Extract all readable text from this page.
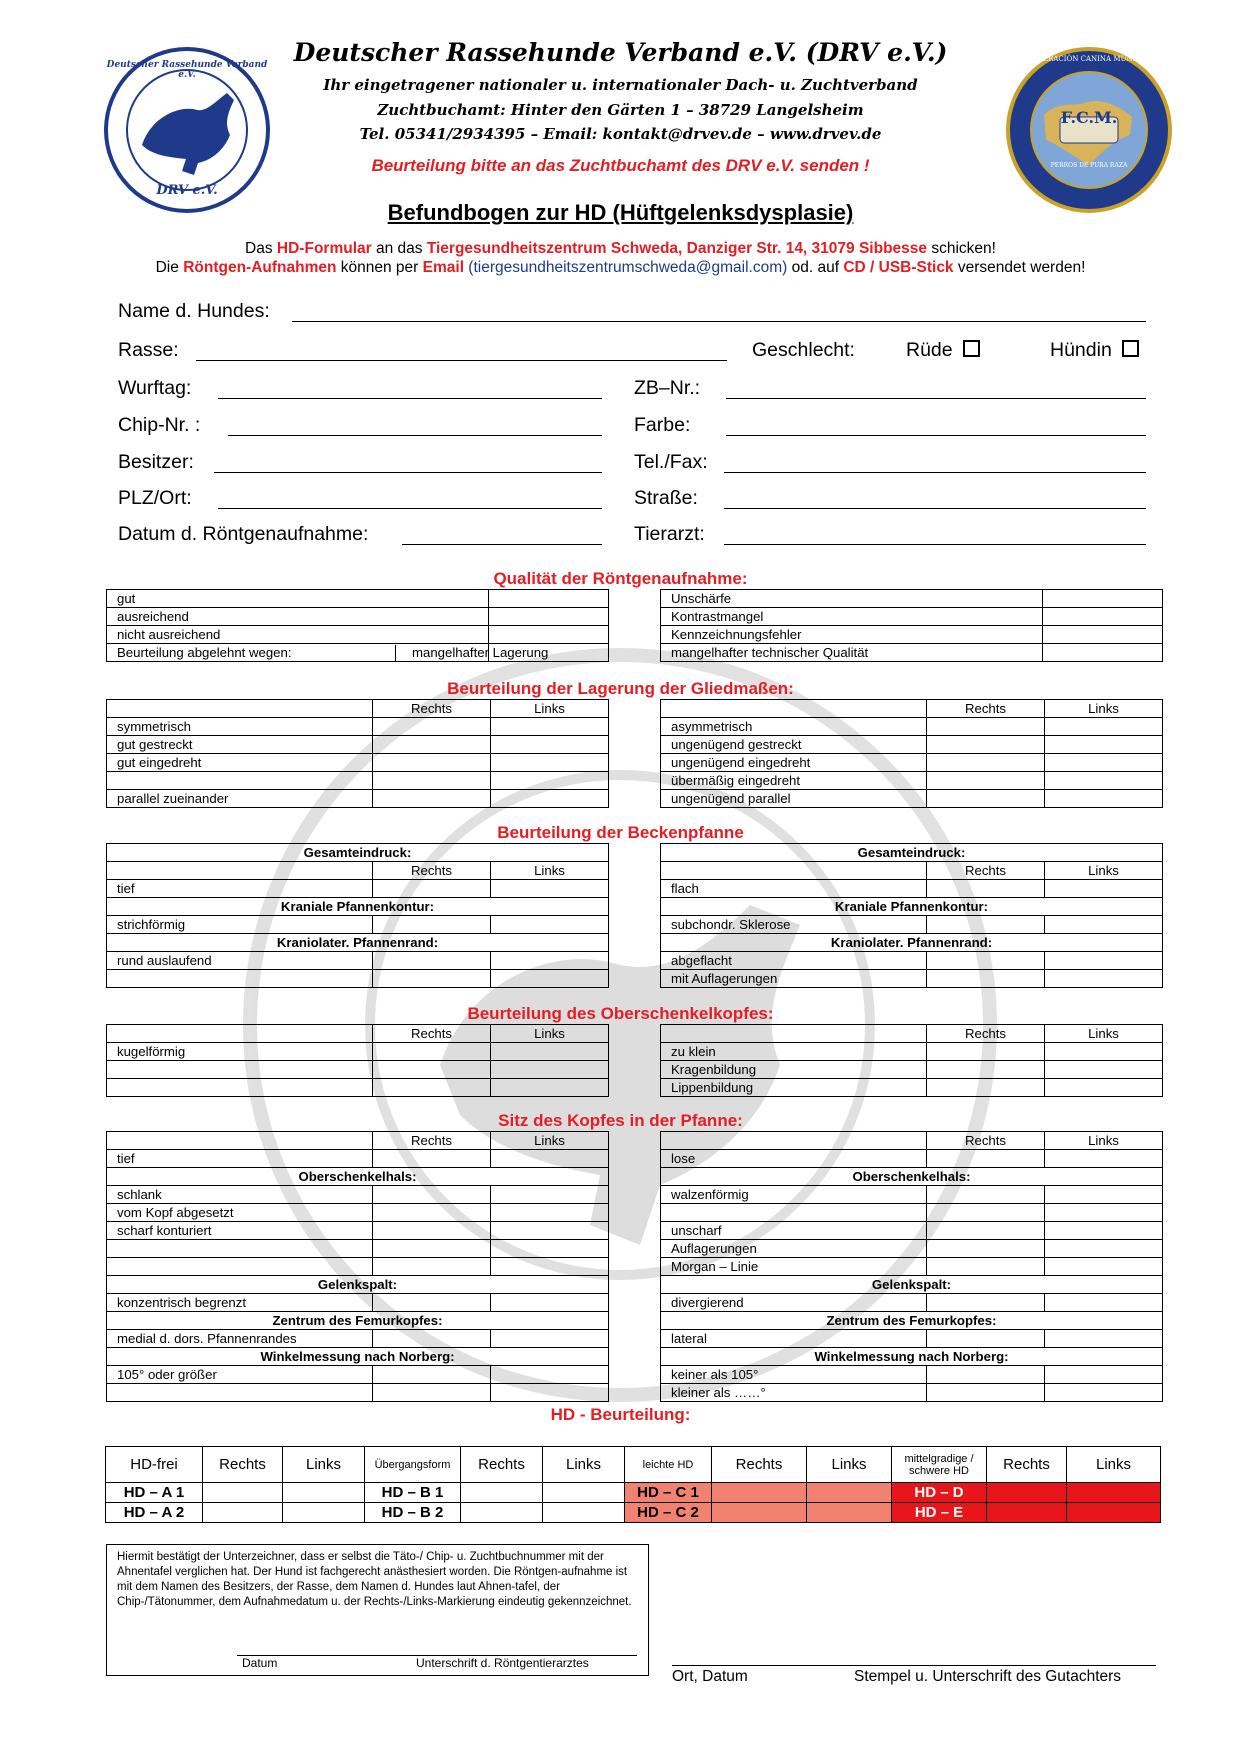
Deutscher Rassehunde Verband e.V.
DRV e.V.
F.C.M.
FEDERACIÓN CANINA MUNDIAL
PERROS DE PURA RAZA
Deutscher Rassehunde Verband e.V. (DRV e.V.)
Ihr eingetragener nationaler u. internationaler Dach- u. Zuchtverband
Zuchtbuchamt: Hinter den Gärten 1 – 38729 Langelsheim
Tel. 05341/2934395 – Email: kontakt@drvev.de – www.drvev.de
Beurteilung bitte an das Zuchtbuchamt des DRV e.V. senden !
Befundbogen zur HD (Hüftgelenksdysplasie)
Das HD-Formular an das Tiergesundheitszentrum Schweda, Danziger Str. 14, 31079 Sibbesse schicken!
Die Röntgen-Aufnahmen können per Email (tiergesundheitszentrumschweda@gmail.com) od. auf CD / USB-Stick versendet werden!
Name d. Hundes:
Rasse:	Geschlecht:	Rüde	Hündin
Wurftag:	ZB–Nr.:
Chip-Nr. :	Farbe:
Besitzer:	Tel./Fax:
PLZ/Ort:	Straße:
Datum d. Röntgenaufnahme:	Tierarzt:
Qualität der Röntgenaufnahme:
gut	
ausreichend	
nicht ausreichend	
Beurteilung abgelehnt wegen: mangelhafter Lagerung	
Unschärfe	
Kontrastmangel	
Kennzeichnungsfehler	
mangelhafter technischer Qualität	
Beurteilung der Lagerung der Gliedmaßen:
	Rechts	Links
symmetrisch		
gut gestreckt		
gut eingedreht		

parallel zueinander		
	Rechts	Links
asymmetrisch		
ungenügend gestreckt		
ungenügend eingedreht		
übermäßig eingedreht		
ungenügend parallel		
Beurteilung der Beckenpfanne
Gesamteindruck:		
	Rechts	Links
tief		
Kraniale Pfannenkontur:		
strichförmig		
Kraniolater. Pfannenrand:		
rund auslaufend		

Gesamteindruck:		
	Rechts	Links
flach		
Kraniale Pfannenkontur:		
subchondr. Sklerose		
Kraniolater. Pfannenrand:		
abgeflacht		
mit Auflagerungen		
Beurteilung des Oberschenkelkopfes:
	Rechts	Links
kugelförmig		

	Rechts	Links
zu klein		
Kragenbildung		
Lippenbildung		
Sitz des Kopfes in der Pfanne:
	Rechts	Links
tief		
Oberschenkelhals:		
schlank		
vom Kopf abgesetzt		
scharf konturiert		

Gelenkspalt:		
konzentrisch begrenzt		
Zentrum des Femurkopfes:		
medial d. dors. Pfannenrandes		
Winkelmessung nach Norberg:		
105° oder größer		

	Rechts	Links
lose		
Oberschenkelhals:		
walzenförmig		

unscharf		
Auflagerungen		
Morgan – Linie		
Gelenkspalt:		
divergierend		
Zentrum des Femurkopfes:		
lateral		
Winkelmessung nach Norberg:		
keiner als 105°		
kleiner als ……°		
HD - Beurteilung:
HD-frei	Rechts	Links	Übergangsform	Rechts	Links	leichte HD	Rechts	Links	mittelgradige / schwere HD	Rechts	Links
HD – A 1			HD – B 1			HD – C 1			HD – D		
HD – A 2			HD – B 2			HD – C 2			HD – E		
Hiermit bestätigt der Unterzeichner, dass er selbst die Täto-/ Chip- u. Zuchtbuchnummer mit der Ahnentafel verglichen hat. Der Hund ist fachgerecht anästhesiert worden. Die Röntgen-aufnahme ist mit dem Namen des Besitzers, der Rasse, dem Namen d. Hundes laut Ahnen-tafel, der Chip-/Tätonummer, dem Aufnahmedatum u. der Rechts-/Links-Markierung eindeutig gekennzeichnet.
Datum	Unterschrift d. Röntgentierarztes
Ort, Datum	Stempel u. Unterschrift des Gutachters
